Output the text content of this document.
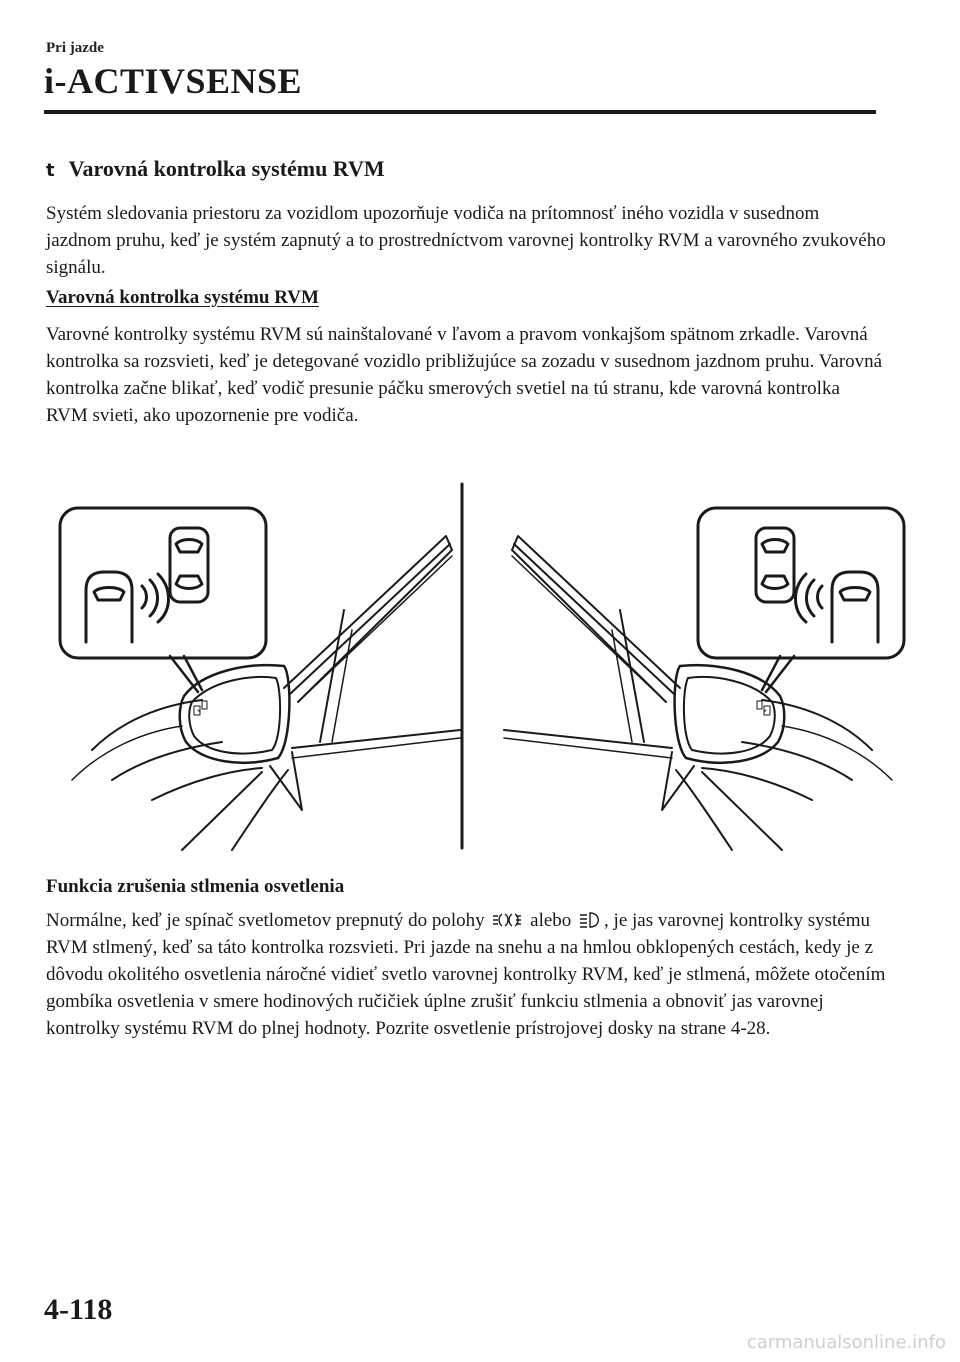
Pri jazde
i-ACTIVSENSE
t Varovná kontrolka systému RVM

Systém sledovania priestoru za vozidlom upozorňuje vodiča na prítomnosť iného vozidla v susednom jazdnom pruhu, keď je systém zapnutý a to prostredníctvom varovnej kontrolky RVM a varovného zvukového signálu.

Varovná kontrolka systému RVM

Varovné kontrolky systému RVM sú nainštalované v ľavom a pravom vonkajšom spätnom zrkadle. Varovná kontrolka sa rozsvieti, keď je detegované vozidlo približujúce sa zozadu v susednom jazdnom pruhu. Varovná kontrolka začne blikať, keď vodič presunie páčku smerových svetiel na tú stranu, kde varovná kontrolka RVM svieti, ako upozornenie pre vodiča.

Funkcia zrušenia stlmenia osvetlenia

Normálne, keď je spínač svetlometov prepnutý do polohy  alebo , je jas varovnej kontrolky systému RVM stlmený, keď sa táto kontrolka rozsvieti. Pri jazde na snehu a na hmlou obklopených cestách, kedy je z dôvodu okolitého osvetlenia náročné vidieť svetlo varovnej kontrolky RVM, keď je stlmená, môžete otočením gombíka osvetlenia v smere hodinových ručičiek úplne zrušiť funkciu stlmenia a obnoviť jas varovnej kontrolky systému RVM do plnej hodnoty. Pozrite osvetlenie prístrojovej dosky na strane 4-28.

4-118
carmanualsonline.info
